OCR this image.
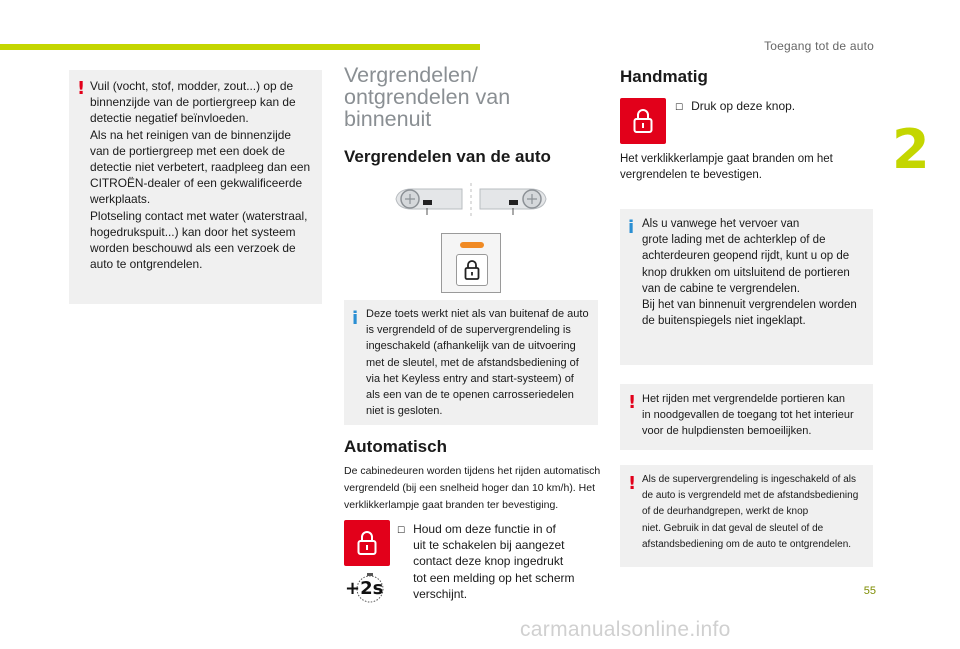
Toegang tot de auto
2
! Vuil (vocht, stof, modder, zout...) op de
binnenzijde van de portiergreep kan de
detectie negatief beïnvloeden.
Als na het reinigen van de binnenzijde
van de portiergreep met een doek de
detectie niet verbetert, raadpleeg dan een
CITROËN-dealer of een gekwalificeerde
werkplaats.
Plotseling contact met water (waterstraal,
hogedrukspuit...) kan door het systeem
worden beschouwd als een verzoek de
auto te ontgrendelen.
Vergrendelen/
ontgrendelen van
binnenuit
Vergrendelen van de auto
i Deze toets werkt niet als van buitenaf de auto
is vergrendeld of de supervergrendeling is
ingeschakeld (afhankelijk van de uitvoering
met de sleutel, met de afstandsbediening of
via het Keyless entry and start-systeem) of
als een van de te openen carrosseriedelen
niet is gesloten.
Automatisch
De cabinedeuren worden tijdens het rijden automatisch
vergrendeld (bij een snelheid hoger dan 10 km/h). Het
verklikkerlampje gaat branden ter bevestiging.
+2s
☐ Houd om deze functie in of
uit te schakelen bij aangezet
contact deze knop ingedrukt
tot een melding op het scherm
verschijnt.
Handmatig
☐ Druk op deze knop.
Het verklikkerlampje gaat branden om het
vergrendelen te bevestigen.
i Als u vanwege het vervoer van
grote lading met de achterklep of de
achterdeuren geopend rijdt, kunt u op de
knop drukken om uitsluitend de portieren
van de cabine te vergrendelen.
Bij het van binnenuit vergrendelen worden
de buitenspiegels niet ingeklapt.
! Het rijden met vergrendelde portieren kan
in noodgevallen de toegang tot het interieur
voor de hulpdiensten bemoeilijken.
! Als de supervergrendeling is ingeschakeld of als
de auto is vergrendeld met de afstandsbediening
of de deurhandgrepen, werkt de knop
niet. Gebruik in dat geval de sleutel of de
afstandsbediening om de auto te ontgrendelen.
55
carmanualsonline.info
